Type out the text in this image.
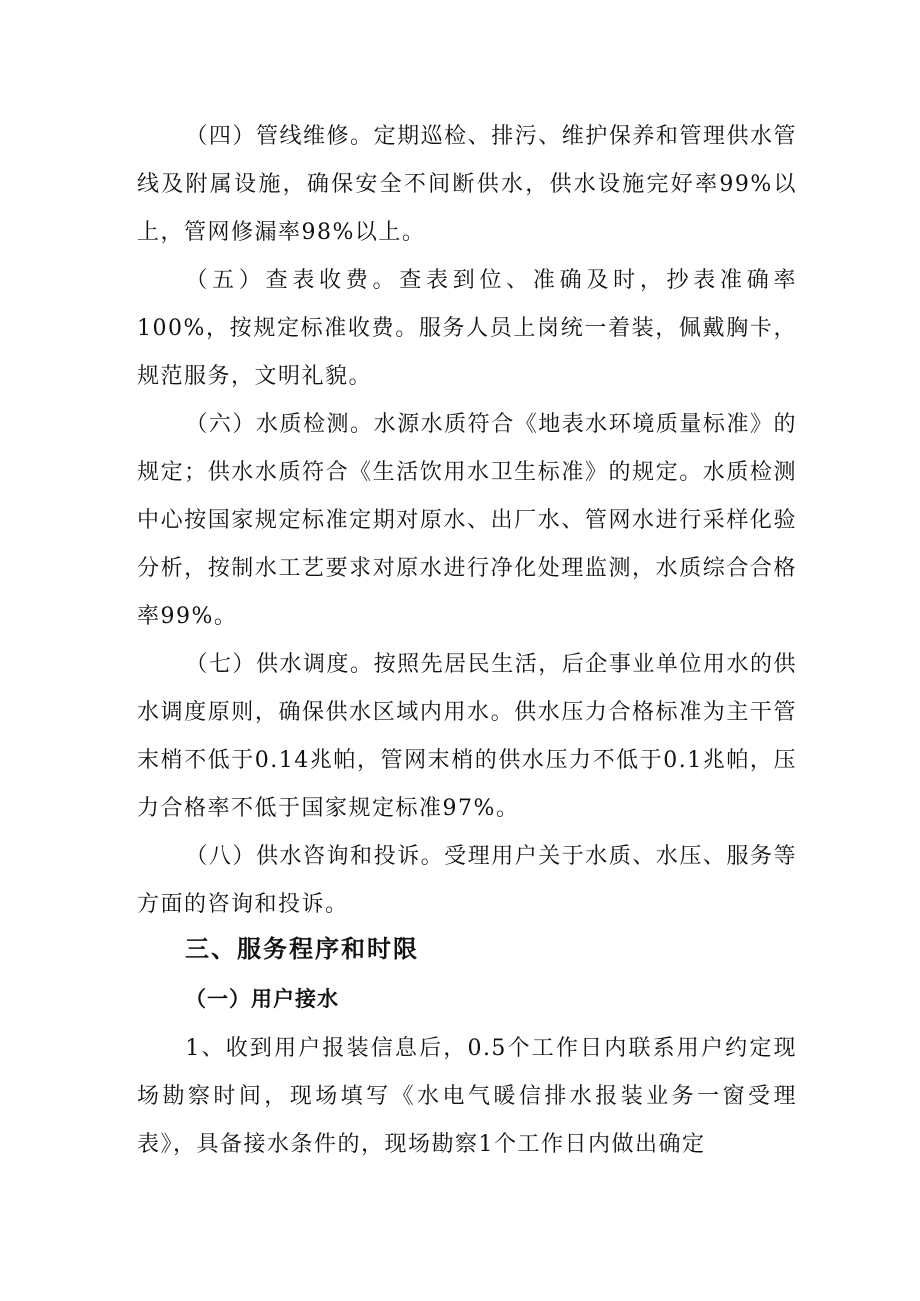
（四）管线维修。定期巡检、排污、维护保养和管理供水管线及附属设施，确保安全不间断供水，供水设施完好率99%以上，管网修漏率98%以上。

（五）查表收费。查表到位、准确及时，抄表准确率100%，按规定标准收费。服务人员上岗统一着装，佩戴胸卡，规范服务，文明礼貌。

（六）水质检测。水源水质符合《地表水环境质量标准》的规定；供水水质符合《生活饮用水卫生标准》的规定。水质检测中心按国家规定标准定期对原水、出厂水、管网水进行采样化验分析，按制水工艺要求对原水进行净化处理监测，水质综合合格率99%。

（七）供水调度。按照先居民生活，后企事业单位用水的供水调度原则，确保供水区域内用水。供水压力合格标准为主干管末梢不低于0.14兆帕，管网末梢的供水压力不低于0.1兆帕，压力合格率不低于国家规定标准97%。

（八）供水咨询和投诉。受理用户关于水质、水压、服务等方面的咨询和投诉。

三、服务程序和时限
（一）用户接水

1、收到用户报装信息后，0.5个工作日内联系用户约定现场勘察时间，现场填写《水电气暖信排水报装业务一窗受理表》，具备接水条件的，现场勘察1个工作日内做出确定
